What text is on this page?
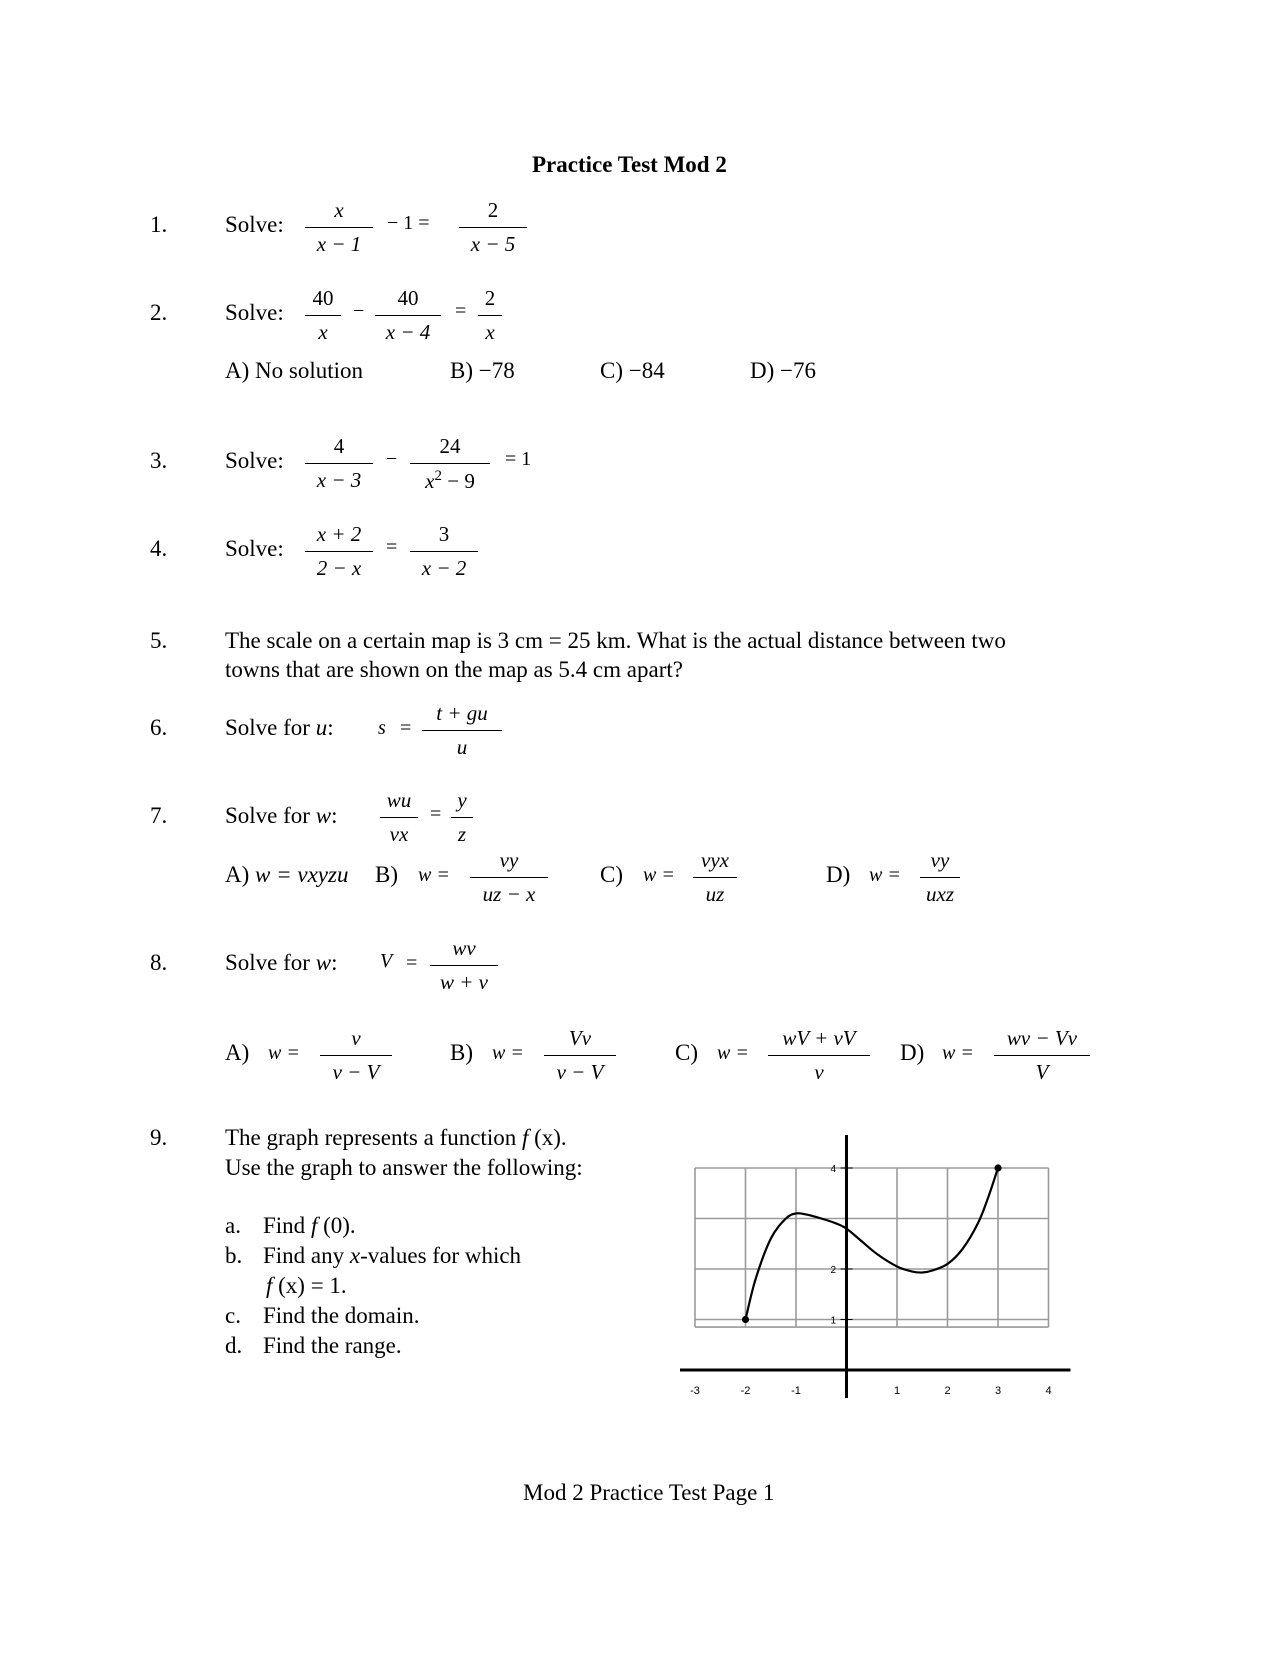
Practice Test Mod 2
1.	Solve:
x
x − 1
− 1 =
2
x − 5
2.	Solve:
40
x
−
40
x − 4
=
2
x
A) No solution	B) −78	C) −84	D) −76
3.	Solve:
4
x − 3
−
24
$x^2 - 9$
= 1
4.	Solve:
x + 2
2 − x
=
3
x − 2
5.	The scale on a certain map is 3 cm = 25 km. What is the actual distance between two
towns that are shown on the map as 5.4 cm apart?
6.	Solve for u: s =
t + gu
u
7.	Solve for w:
wu
vx
=
y
z
A) w = vxyzu B) w =
vy
uz − x
C) w =
vyx
uz
D) w =
vy
uxz
8.	Solve for w: V =
wv
w + v
A) w =
v
v − V
B) w =
Vv
v − V
C) w =
wV + vV
v
D) w =
wv − Vv
V
9.	The graph represents a function f (x).
Use the graph to answer the following:
a. Find f (0).
b. Find any x-values for which
f (x) = 1.
c. Find the domain.
d. Find the range.
-3	-2	-1	1	2	3	4
1
2
4
Mod 2 Practice Test Page 1
